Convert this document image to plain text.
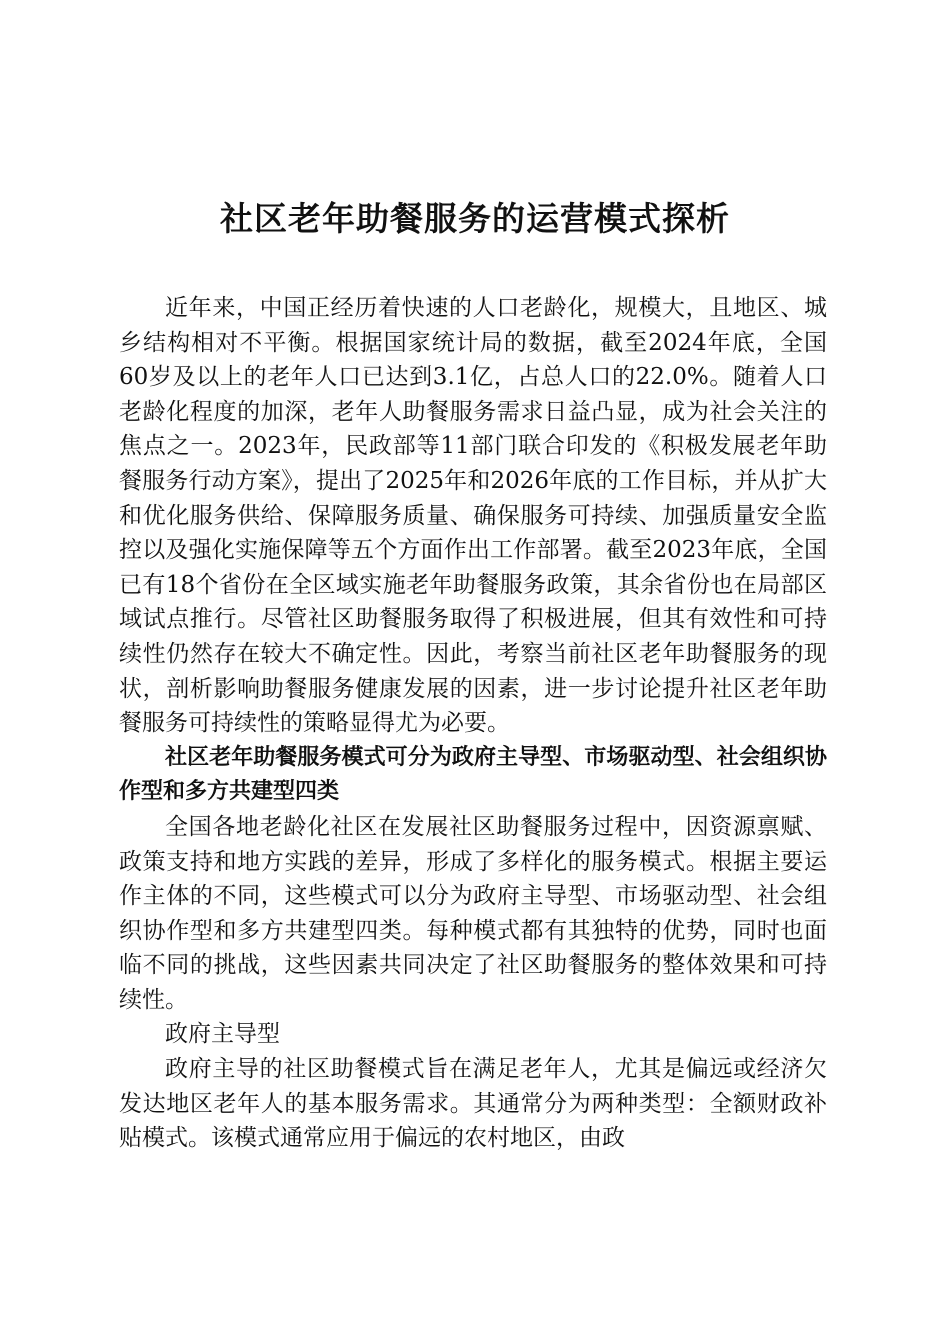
社区老年助餐服务的运营模式探析

近年来，中国正经历着快速的人口老龄化，规模大，且地区、城乡结构相对不平衡。根据国家统计局的数据，截至2024年底，全国60岁及以上的老年人口已达到3.1亿，占总人口的22.0%。随着人口老龄化程度的加深，老年人助餐服务需求日益凸显，成为社会关注的焦点之一。2023年，民政部等11部门联合印发的《积极发展老年助餐服务行动方案》，提出了2025年和2026年底的工作目标，并从扩大和优化服务供给、保障服务质量、确保服务可持续、加强质量安全监控以及强化实施保障等五个方面作出工作部署。截至2023年底，全国已有18个省份在全区域实施老年助餐服务政策，其余省份也在局部区域试点推行。尽管社区助餐服务取得了积极进展，但其有效性和可持续性仍然存在较大不确定性。因此，考察当前社区老年助餐服务的现状，剖析影响助餐服务健康发展的因素，进一步讨论提升社区老年助餐服务可持续性的策略显得尤为必要。

社区老年助餐服务模式可分为政府主导型、市场驱动型、社会组织协作型和多方共建型四类

全国各地老龄化社区在发展社区助餐服务过程中，因资源禀赋、政策支持和地方实践的差异，形成了多样化的服务模式。根据主要运作主体的不同，这些模式可以分为政府主导型、市场驱动型、社会组织协作型和多方共建型四类。每种模式都有其独特的优势，同时也面临不同的挑战，这些因素共同决定了社区助餐服务的整体效果和可持续性。

政府主导型

政府主导的社区助餐模式旨在满足老年人，尤其是偏远或经济欠发达地区老年人的基本服务需求。其通常分为两种类型：全额财政补贴模式。该模式通常应用于偏远的农村地区，由政
